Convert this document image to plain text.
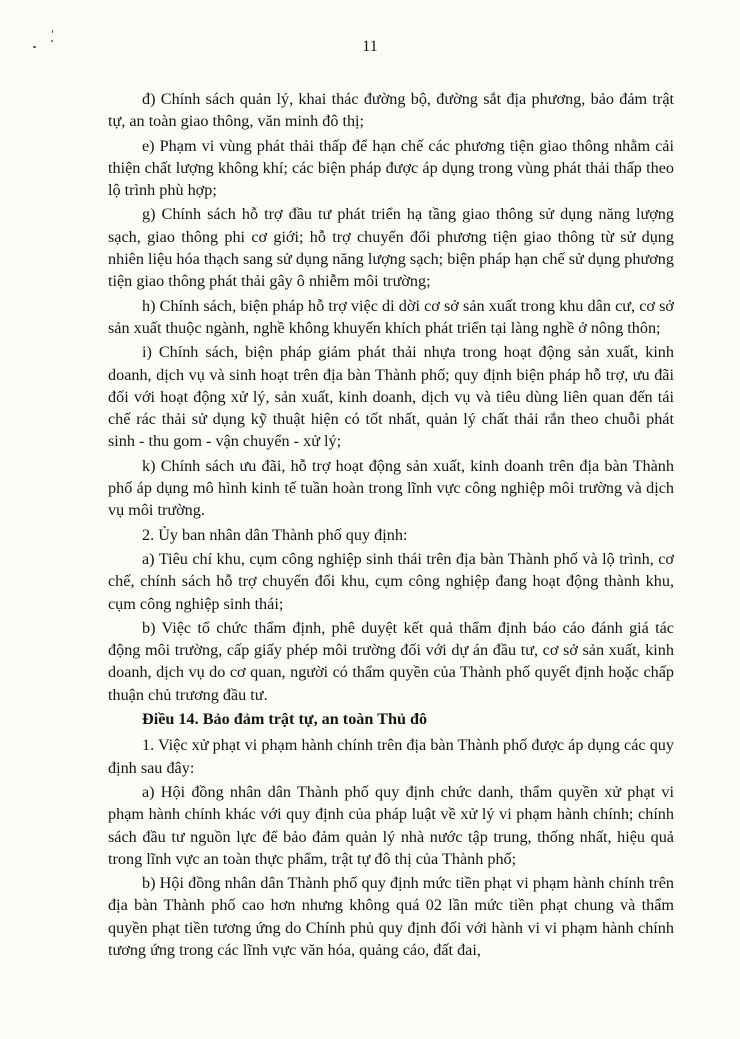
11

đ) Chính sách quản lý, khai thác đường bộ, đường sắt địa phương, bảo đảm trật tự, an toàn giao thông, văn minh đô thị;

e) Phạm vi vùng phát thải thấp để hạn chế các phương tiện giao thông nhằm cải thiện chất lượng không khí; các biện pháp được áp dụng trong vùng phát thải thấp theo lộ trình phù hợp;

g) Chính sách hỗ trợ đầu tư phát triển hạ tầng giao thông sử dụng năng lượng sạch, giao thông phi cơ giới; hỗ trợ chuyển đổi phương tiện giao thông từ sử dụng nhiên liệu hóa thạch sang sử dụng năng lượng sạch; biện pháp hạn chế sử dụng phương tiện giao thông phát thải gây ô nhiễm môi trường;

h) Chính sách, biện pháp hỗ trợ việc di dời cơ sở sản xuất trong khu dân cư, cơ sở sản xuất thuộc ngành, nghề không khuyến khích phát triển tại làng nghề ở nông thôn;

i) Chính sách, biện pháp giảm phát thải nhựa trong hoạt động sản xuất, kinh doanh, dịch vụ và sinh hoạt trên địa bàn Thành phố; quy định biện pháp hỗ trợ, ưu đãi đối với hoạt động xử lý, sản xuất, kinh doanh, dịch vụ và tiêu dùng liên quan đến tái chế rác thải sử dụng kỹ thuật hiện có tốt nhất, quản lý chất thải rắn theo chuỗi phát sinh - thu gom - vận chuyển - xử lý;

k) Chính sách ưu đãi, hỗ trợ hoạt động sản xuất, kinh doanh trên địa bàn Thành phố áp dụng mô hình kinh tế tuần hoàn trong lĩnh vực công nghiệp môi trường và dịch vụ môi trường.

2. Ủy ban nhân dân Thành phố quy định:

a) Tiêu chí khu, cụm công nghiệp sinh thái trên địa bàn Thành phố và lộ trình, cơ chế, chính sách hỗ trợ chuyển đổi khu, cụm công nghiệp đang hoạt động thành khu, cụm công nghiệp sinh thái;

b) Việc tổ chức thẩm định, phê duyệt kết quả thẩm định báo cáo đánh giá tác động môi trường, cấp giấy phép môi trường đối với dự án đầu tư, cơ sở sản xuất, kinh doanh, dịch vụ do cơ quan, người có thẩm quyền của Thành phố quyết định hoặc chấp thuận chủ trương đầu tư.

Điều 14. Bảo đảm trật tự, an toàn Thủ đô

1. Việc xử phạt vi phạm hành chính trên địa bàn Thành phố được áp dụng các quy định sau đây:

a) Hội đồng nhân dân Thành phố quy định chức danh, thẩm quyền xử phạt vi phạm hành chính khác với quy định của pháp luật về xử lý vi phạm hành chính; chính sách đầu tư nguồn lực để bảo đảm quản lý nhà nước tập trung, thống nhất, hiệu quả trong lĩnh vực an toàn thực phẩm, trật tự đô thị của Thành phố;

b) Hội đồng nhân dân Thành phố quy định mức tiền phạt vi phạm hành chính trên địa bàn Thành phố cao hơn nhưng không quá 02 lần mức tiền phạt chung và thẩm quyền phạt tiền tương ứng do Chính phủ quy định đối với hành vi vi phạm hành chính tương ứng trong các lĩnh vực văn hóa, quảng cáo, đất đai,
